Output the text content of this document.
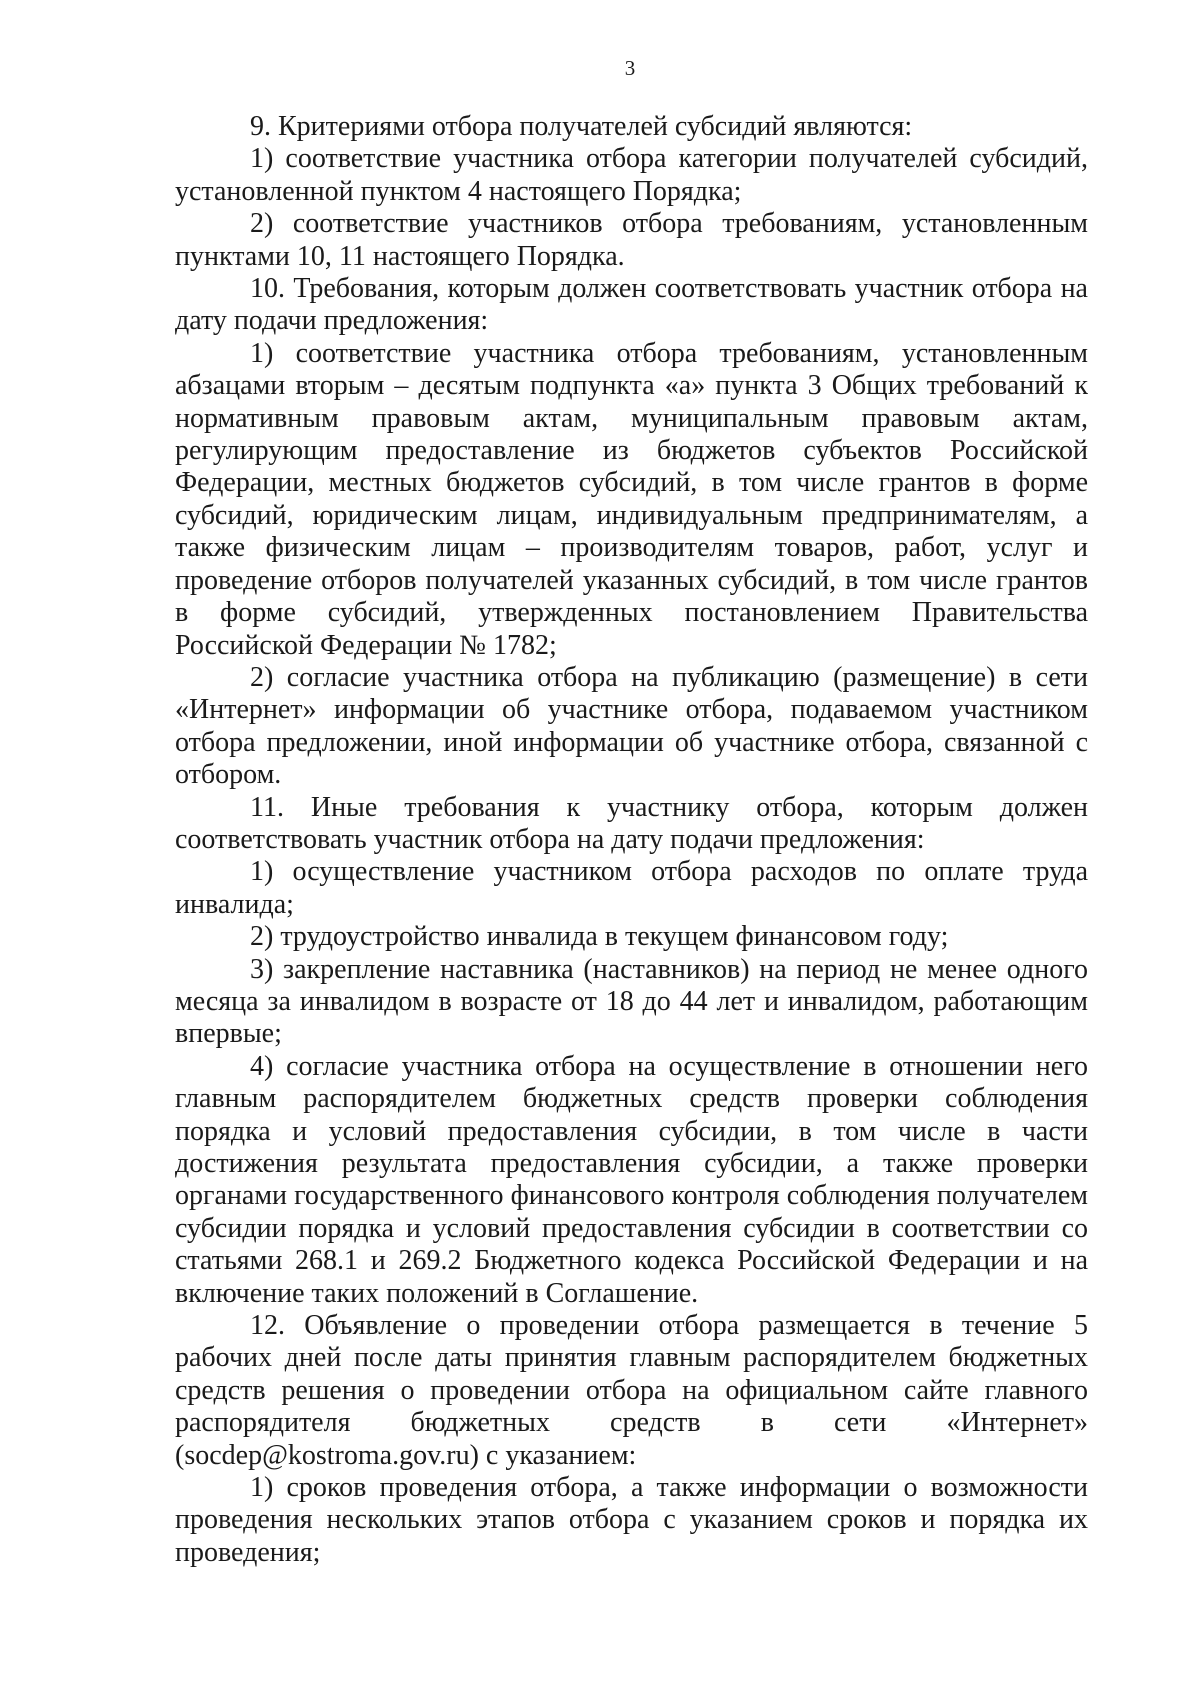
3

9. Критериями отбора получателей субсидий являются:

1) соответствие участника отбора категории получателей субсидий, установленной пунктом 4 настоящего Порядка;

2) соответствие участников отбора требованиям, установленным пунктами 10, 11 настоящего Порядка.

10. Требования, которым должен соответствовать участник отбора на дату подачи предложения:

1) соответствие участника отбора требованиям, установленным абзацами вторым – десятым подпункта «а» пункта 3 Общих требований к нормативным правовым актам, муниципальным правовым актам, регулирующим предоставление из бюджетов субъектов Российской Федерации, местных бюджетов субсидий, в том числе грантов в форме субсидий, юридическим лицам, индивидуальным предпринимателям, а также физическим лицам – производителям товаров, работ, услуг и проведение отборов получателей указанных субсидий, в том числе грантов в форме субсидий, утвержденных постановлением Правительства Российской Федерации № 1782;

2) согласие участника отбора на публикацию (размещение) в сети «Интернет» информации об участнике отбора, подаваемом участником отбора предложении, иной информации об участнике отбора, связанной с отбором.

11. Иные требования к участнику отбора, которым должен соответствовать участник отбора на дату подачи предложения:

1) осуществление участником отбора расходов по оплате труда инвалида;

2) трудоустройство инвалида в текущем финансовом году;

3) закрепление наставника (наставников) на период не менее одного месяца за инвалидом в возрасте от 18 до 44 лет и инвалидом, работающим впервые;

4) согласие участника отбора на осуществление в отношении него главным распорядителем бюджетных средств проверки соблюдения порядка и условий предоставления субсидии, в том числе в части достижения результата предоставления субсидии, а также проверки органами государственного финансового контроля соблюдения получателем субсидии порядка и условий предоставления субсидии в соответствии со статьями 268.1 и 269.2 Бюджетного кодекса Российской Федерации и на включение таких положений в Соглашение.

12. Объявление о проведении отбора размещается в течение 5 рабочих дней после даты принятия главным распорядителем бюджетных средств решения о проведении отбора на официальном сайте главного распорядителя бюджетных средств в сети «Интернет» (socdep@kostroma.gov.ru) с указанием:

1) сроков проведения отбора, а также информации о возможности проведения нескольких этапов отбора с указанием сроков и порядка их проведения;
